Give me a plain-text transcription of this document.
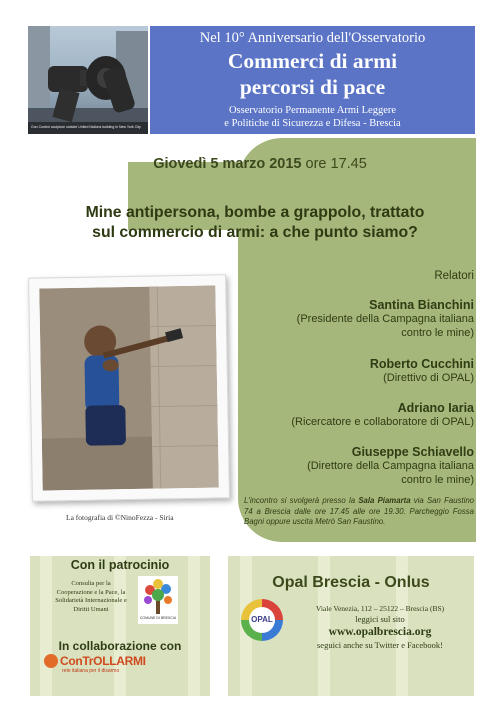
Gun Control sculpture outside United Nations building in New York City
Nel 10° Anniversario dell'Osservatorio
Commerci di armi
percorsi di pace
Osservatorio Permanente Armi Leggere
e Politiche di Sicurezza e Difesa - Brescia
Giovedì 5 marzo 2015 ore 17.45
Mine antipersona, bombe a grappolo, trattato
sul commercio di armi: a che punto siamo?
Relatori
Santina Bianchini
(Presidente della Campagna italiana
contro le mine)
Roberto Cucchini
(Direttivo di OPAL)
Adriano Iaria
(Ricercatore e collaboratore di OPAL)
Giuseppe Schiavello
(Direttore della Campagna italiana
contro le mine)
La fotografia di ©NinoFezza - Siria
L'incontro si svolgerà presso la Sala Piamarta via San Faustino 74 a Brescia dalle ore 17.45 alle ore 19.30. Parcheggio Fossa Bagni oppure uscita Metrò San Faustino.
Con il patrocinio
Consulta per la
Cooperazione e la Pace, la
Solidarietà Internazionale e
Diritti Umani
COMUNE DI BRESCIA
In collaborazione con
ConTrOLLARMI
rete italiana per il disarmo
Opal Brescia - Onlus
OPAL
Viale Venezia, 112 – 25122 – Brescia (BS)
leggici sul sito
www.opalbrescia.org
seguici anche su Twitter e Facebook!
